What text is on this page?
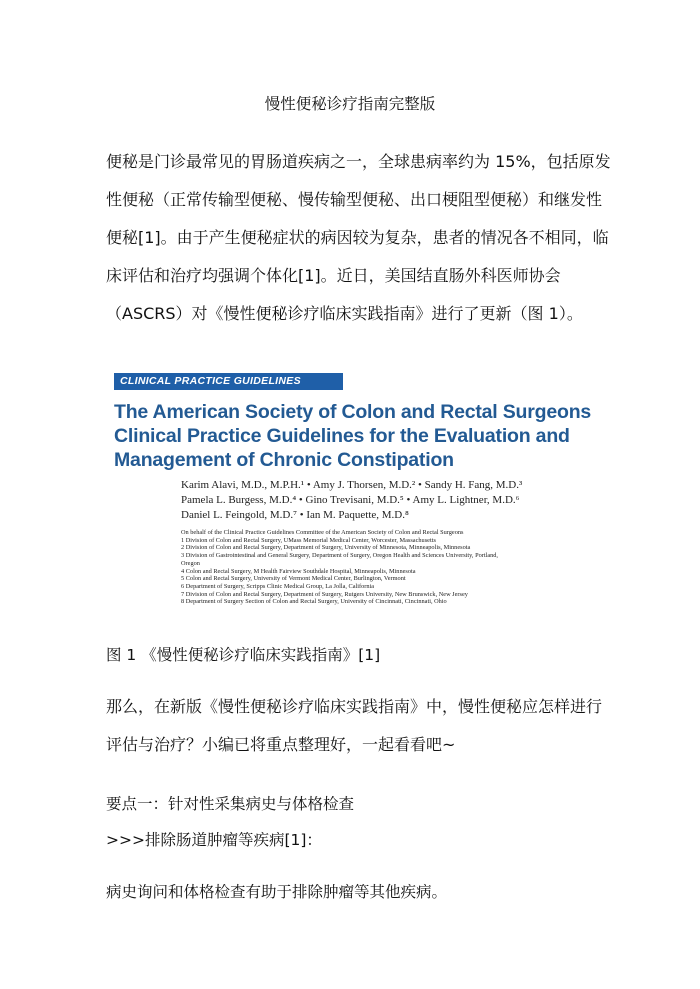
慢性便秘诊疗指南完整版

便秘是门诊最常见的胃肠道疾病之一，全球患病率约为 15%，包括原发

性便秘（正常传输型便秘、慢传输型便秘、出口梗阻型便秘）和继发性

便秘[1]。由于产生便秘症状的病因较为复杂，患者的情况各不相同，临

床评估和治疗均强调个体化[1]。近日，美国结直肠外科医师协会

（ASCRS）对《慢性便秘诊疗临床实践指南》进行了更新（图 1）。

CLINICAL PRACTICE GUIDELINES
The American Society of Colon and Rectal Surgeons
Clinical Practice Guidelines for the Evaluation and
Management of Chronic Constipation
Karim Alavi, M.D., M.P.H.¹ • Amy J. Thorsen, M.D.² • Sandy H. Fang, M.D.³
Pamela L. Burgess, M.D.⁴ • Gino Trevisani, M.D.⁵ • Amy L. Lightner, M.D.⁶
Daniel L. Feingold, M.D.⁷ • Ian M. Paquette, M.D.⁸
On behalf of the Clinical Practice Guidelines Committee of the American Society of Colon and Rectal Surgeons
1 Division of Colon and Rectal Surgery, UMass Memorial Medical Center, Worcester, Massachusetts
2 Division of Colon and Rectal Surgery, Department of Surgery, University of Minnesota, Minneapolis, Minnesota
3 Division of Gastrointestinal and General Surgery, Department of Surgery, Oregon Health and Sciences University, Portland,
Oregon
4 Colon and Rectal Surgery, M Health Fairview Southdale Hospital, Minneapolis, Minnesota
5 Colon and Rectal Surgery, University of Vermont Medical Center, Burlington, Vermont
6 Department of Surgery, Scripps Clinic Medical Group, La Jolla, California
7 Division of Colon and Rectal Surgery, Department of Surgery, Rutgers University, New Brunswick, New Jersey
8 Department of Surgery Section of Colon and Rectal Surgery, University of Cincinnati, Cincinnati, Ohio
图 1 《慢性便秘诊疗临床实践指南》[1]

那么，在新版《慢性便秘诊疗临床实践指南》中，慢性便秘应怎样进行

评估与治疗？小编已将重点整理好，一起看看吧~

要点一：针对性采集病史与体格检查
>>>排除肠道肿瘤等疾病[1]：
病史询问和体格检查有助于排除肿瘤等其他疾病。
